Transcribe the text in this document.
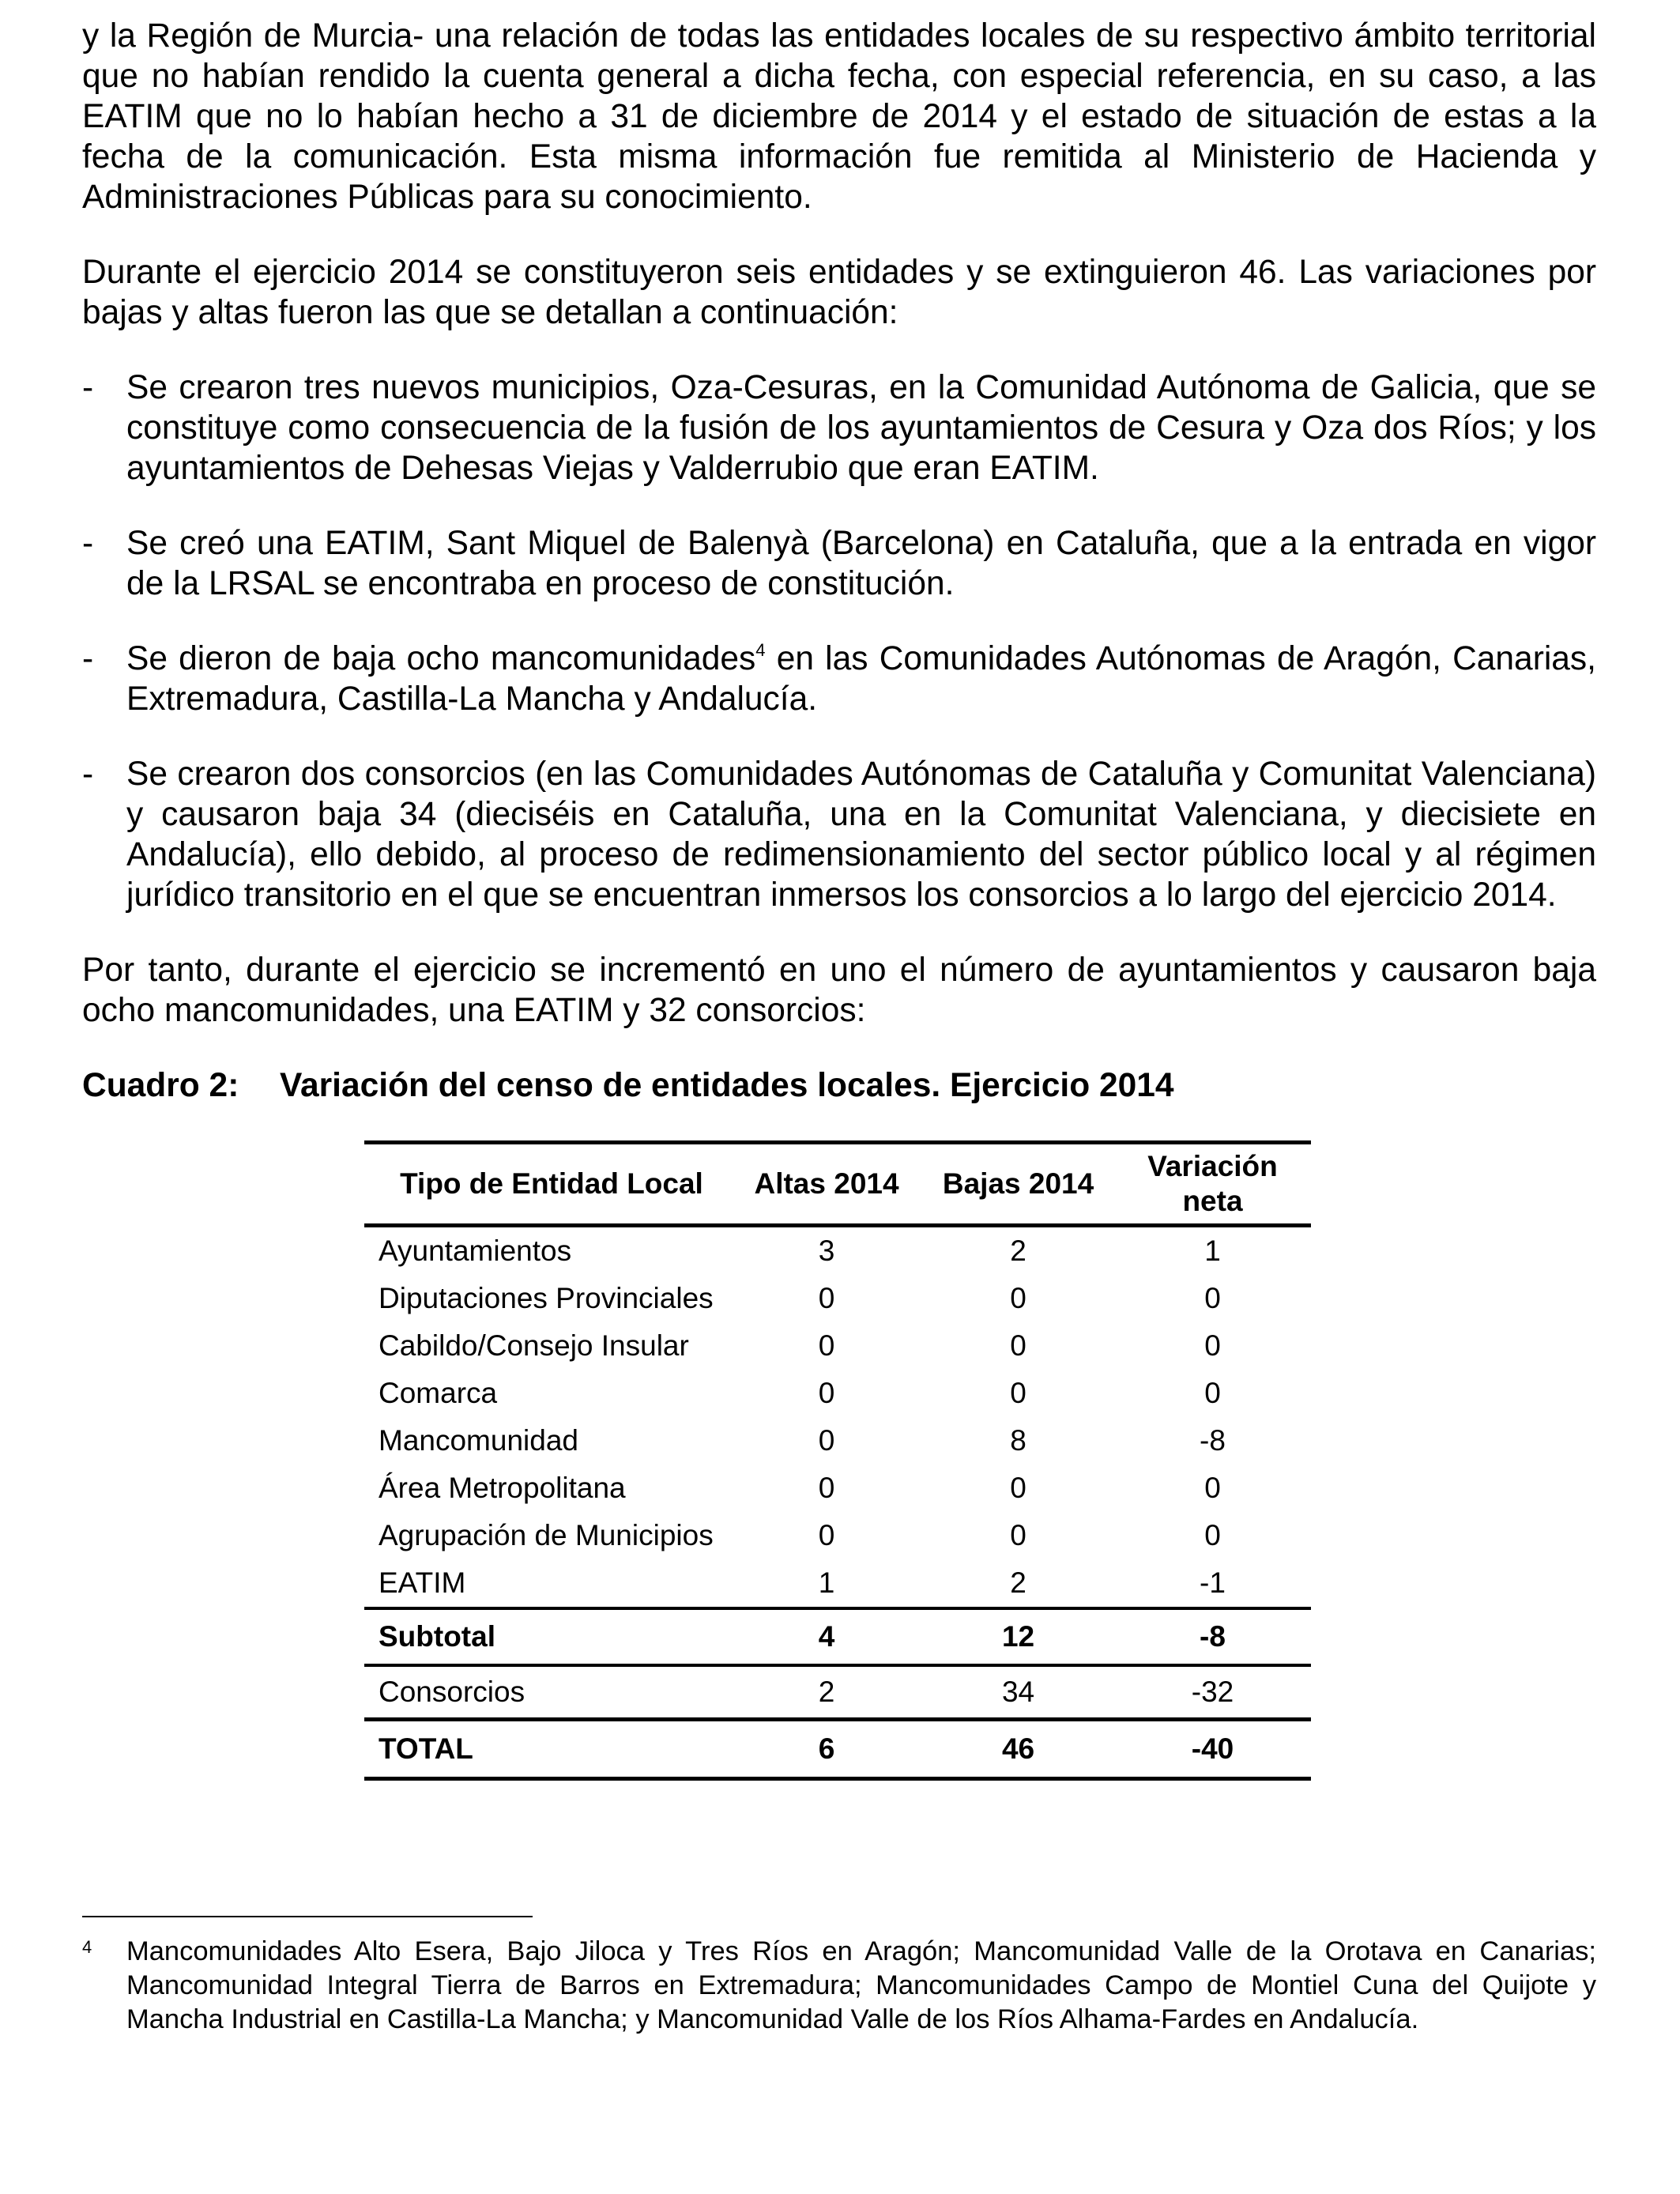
y la Región de Murcia- una relación de todas las entidades locales de su respectivo ámbito territorial que no habían rendido la cuenta general a dicha fecha, con especial referencia, en su caso, a las EATIM que no lo habían hecho a 31 de diciembre de 2014 y el estado de situación de estas a la fecha de la comunicación. Esta misma información fue remitida al Ministerio de Hacienda y Administraciones Públicas para su conocimiento.

Durante el ejercicio 2014 se constituyeron seis entidades y se extinguieron 46. Las variaciones por bajas y altas fueron las que se detallan a continuación:

- Se crearon tres nuevos municipios, Oza-Cesuras, en la Comunidad Autónoma de Galicia, que se constituye como consecuencia de la fusión de los ayuntamientos de Cesura y Oza dos Ríos; y los ayuntamientos de Dehesas Viejas y Valderrubio que eran EATIM.
- Se creó una EATIM, Sant Miquel de Balenyà (Barcelona) en Cataluña, que a la entrada en vigor de la LRSAL se encontraba en proceso de constitución.
- Se dieron de baja ocho mancomunidades$^4$ en las Comunidades Autónomas de Aragón, Canarias, Extremadura, Castilla-La Mancha y Andalucía.
- Se crearon dos consorcios (en las Comunidades Autónomas de Cataluña y Comunitat Valenciana) y causaron baja 34 (dieciséis en Cataluña, una en la Comunitat Valenciana, y diecisiete en Andalucía), ello debido, al proceso de redimensionamiento del sector público local y al régimen jurídico transitorio en el que se encuentran inmersos los consorcios a lo largo del ejercicio 2014.

Por tanto, durante el ejercicio se incrementó en uno el número de ayuntamientos y causaron baja ocho mancomunidades, una EATIM y 32 consorcios:

Cuadro 2:	Variación del censo de entidades locales. Ejercicio 2014
Tipo de Entidad Local	Altas 2014	Bajas 2014	Variación neta
Ayuntamientos	3	2	1
Diputaciones Provinciales	0	0	0
Cabildo/Consejo Insular	0	0	0
Comarca	0	0	0
Mancomunidad	0	8	-8
Área Metropolitana	0	0	0
Agrupación de Municipios	0	0	0
EATIM	1	2	-1
Subtotal	4	12	-8
Consorcios	2	34	-32
TOTAL	6	46	-40
4 Mancomunidades Alto Esera, Bajo Jiloca y Tres Ríos en Aragón; Mancomunidad Valle de la Orotava en Canarias; Mancomunidad Integral Tierra de Barros en Extremadura; Mancomunidades Campo de Montiel Cuna del Quijote y Mancha Industrial en Castilla-La Mancha; y Mancomunidad Valle de los Ríos Alhama-Fardes en Andalucía.
